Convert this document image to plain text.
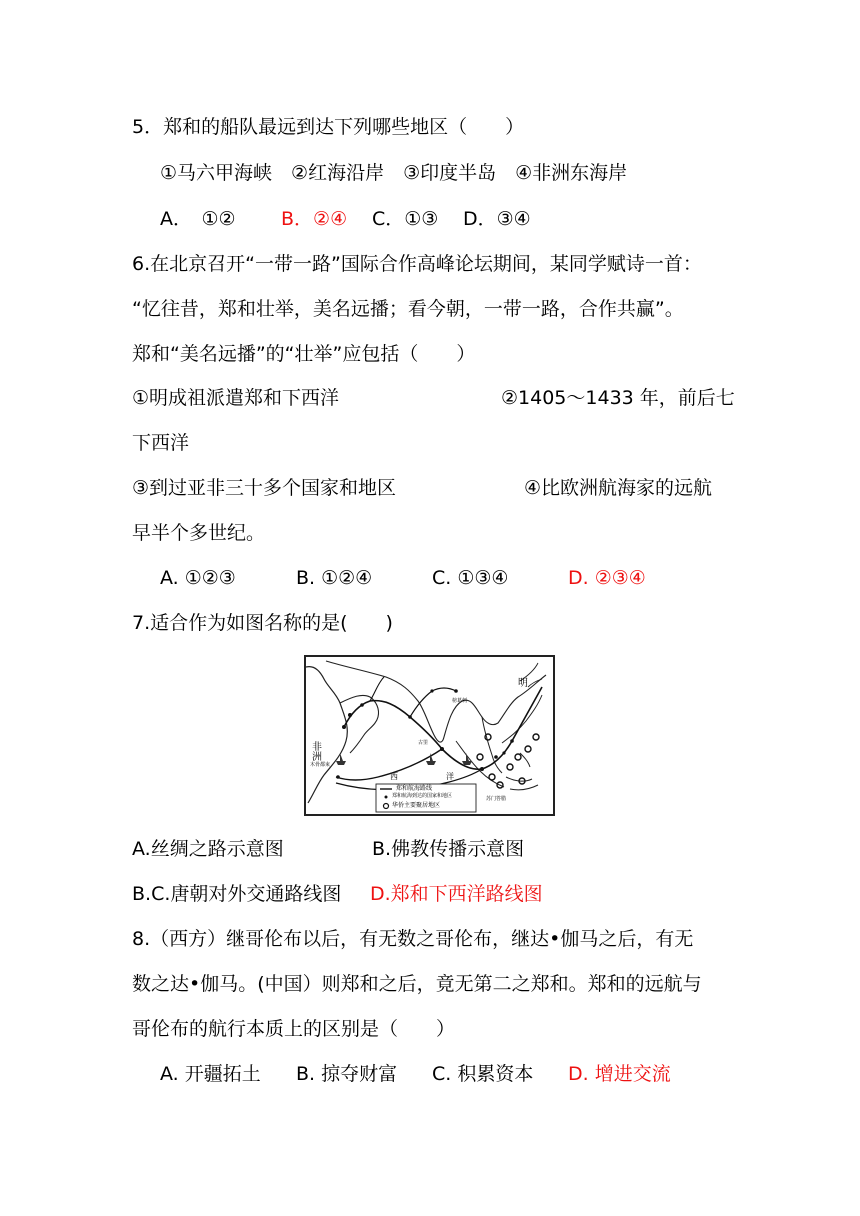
5．郑和的船队最远到达下列哪些地区（　　）
①马六甲海峡　②红海沿岸　③印度半岛　④非洲东海岸
A．　①② B．②④ C．①③ D．③④
6.在北京召开“一带一路”国际合作高峰论坛期间，某同学赋诗一首：
“忆往昔，郑和壮举，美名远播；看今朝，一带一路，合作共赢”。
郑和“美名远播”的“壮举”应包括（　　）
①明成祖派遣郑和下西洋	②1405～1433 年，前后七
下西洋
③到过亚非三十多个国家和地区	④比欧洲航海家的远航
早半个多世纪。
A. ①②③	B. ①②④	C. ①③④	D. ②③④
7.适合作为如图名称的是(　　)
明
非
洲
木骨都束
榜葛剌
古里
苏门答腊
西	洋
郑和航海路线
郑和航海到达的国家和地区
华侨主要聚居地区
A.丝绸之路示意图	B.佛教传播示意图
B.C.唐朝对外交通路线图 D.郑和下西洋路线图
8.（西方）继哥伦布以后，有无数之哥伦布，继达•伽马之后，有无
数之达•伽马。(中国）则郑和之后，竟无第二之郑和。郑和的远航与
哥伦布的航行本质上的区别是（　　）
A. 开疆拓土 B. 掠夺财富 C. 积累资本 D. 增进交流
